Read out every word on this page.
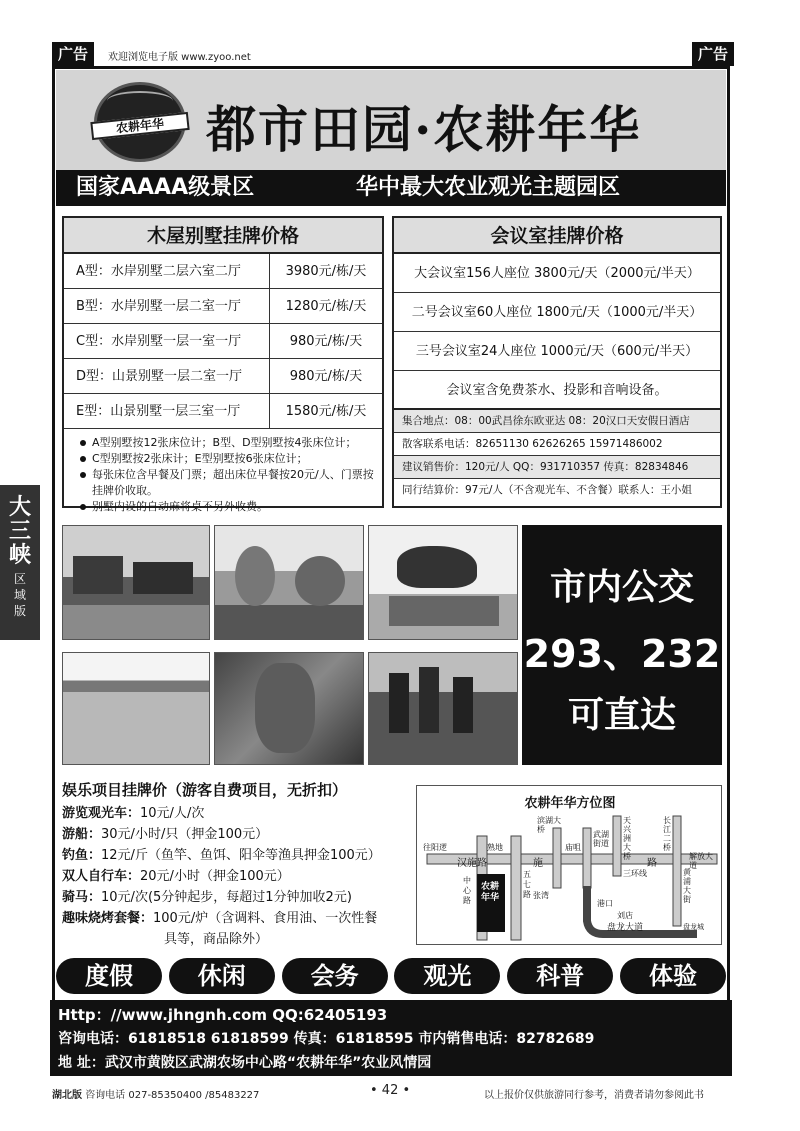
广告	欢迎浏览电子版 www.zyoo.net	广告
农耕年华 都市田园·农耕年华
国家AAAA级景区	华中最大农业观光主题园区
木屋别墅挂牌价格
A型：水岸别墅二层六室二厅	3980元/栋/天
B型：水岸别墅一层二室一厅	1280元/栋/天
C型：水岸别墅一层一室一厅	980元/栋/天
D型：山景别墅一层二室一厅	980元/栋/天
E型：山景别墅一层三室一厅	1580元/栋/天
A型别墅按12张床位计；B型、D型别墅按4张床位计；
C型别墅按2张床计；E型别墅按6张床位计；
每张床位含早餐及门票；超出床位早餐按20元/人、门票按挂牌价收取。
别墅内设的自动麻将桌不另外收费。
会议室挂牌价格
大会议室156人座位 3800元/天（2000元/半天）
二号会议室60人座位 1800元/天（1000元/半天）
三号会议室24人座位 1000元/天（600元/半天）
会议室含免费茶水、投影和音响设备。
集合地点：08：00武昌徐东欧亚达 08：20汉口天安假日酒店
散客联系电话：82651130 62626265 15971486002
建议销售价：120元/人 QQ：931710357 传真：82834846
同行结算价：97元/人（不含观光车、不含餐）联系人：王小姐
市内公交
293、232
可直达
娱乐项目挂牌价（游客自费项目，无折扣）
游览观光车：10元/人/次
游船：30元/小时/只（押金100元）
钓鱼：12元/斤（鱼竿、鱼饵、阳伞等渔具押金100元）
双人自行车：20元/小时（押金100元）
骑马：10元/次(5分钟起步，每超过1分钟加收2元)
趣味烧烤套餐：100元/炉（含调料、食用油、一次性餐
具等，商品除外）
农耕年华方位图
往阳逻
解放大道
汉施路	施	路
熟地
滨湖大桥
庙咀
武湖街道
天兴洲大桥
长江二桥
三环线	黄浦大街
中心路
五七路 张湾
盘龙大道
港口
刘店
盘龙城
农耕年华
度假	休闲	会务	观光	科普	体验
Http：//www.jhngnh.com QQ:62405193
咨询电话：61818518 61818599 传真：61818595 市内销售电话：82782689
地 址：武汉市黄陂区武湖农场中心路“农耕年华”农业风情园
大三峡
区域版
湖北版 咨询电话 027-85350400 /85483227	• 42 •	以上报价仅供旅游同行参考，消费者请勿参阅此书
